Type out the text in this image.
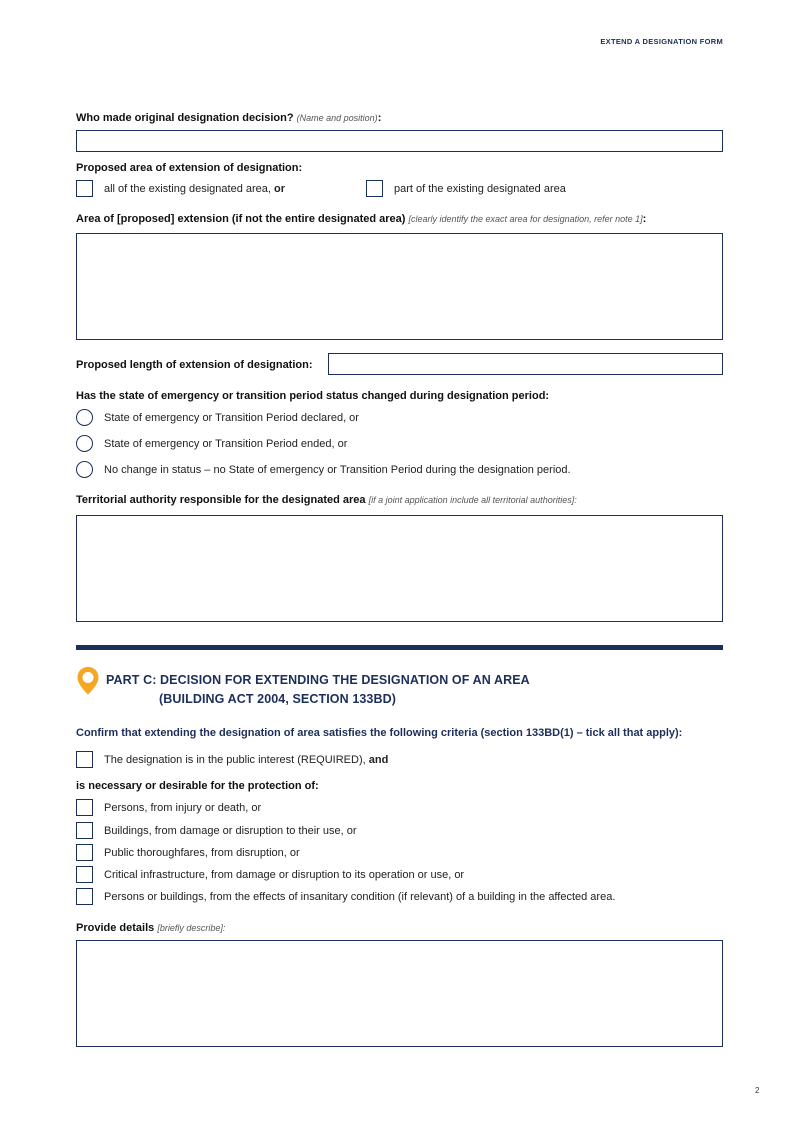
EXTEND A DESIGNATION FORM
Who made original designation decision? (Name and position):
Proposed area of extension of designation:
all of the existing designated area, or	part of the existing designated area
Area of [proposed] extension (if not the entire designated area) [clearly identify the exact area for designation, refer note 1]:
Proposed length of extension of designation:
Has the state of emergency or transition period status changed during designation period:
State of emergency or Transition Period declared, or
State of emergency or Transition Period ended, or
No change in status – no State of emergency or Transition Period during the designation period.
Territorial authority responsible for the designated area [if a joint application include all territorial authorities]:
PART C: DECISION FOR EXTENDING THE DESIGNATION OF AN AREA
(BUILDING ACT 2004, SECTION 133BD)
Confirm that extending the designation of area satisfies the following criteria (section 133BD(1) – tick all that apply):
The designation is in the public interest (REQUIRED), and
is necessary or desirable for the protection of:
Persons, from injury or death, or
Buildings, from damage or disruption to their use, or
Public thoroughfares, from disruption, or
Critical infrastructure, from damage or disruption to its operation or use, or
Persons or buildings, from the effects of insanitary condition (if relevant) of a building in the affected area.
Provide details [briefly describe]:
2
